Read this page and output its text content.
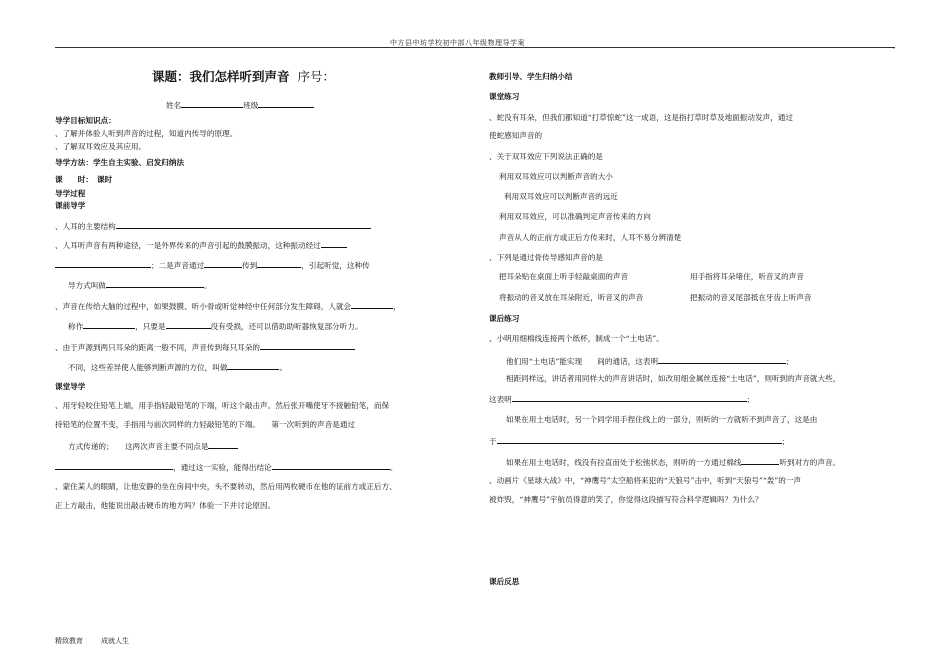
中方县中坊学校初中部八年级物理导学案
.
课题：我们怎样听到声音 序号：
姓名	班级
导学目标知识点：
、了解并体验人听到声音的过程，知道内传导的原理。
、了解双耳效应及其应用。
导学方法：学生自主实验、启发归纳法
课　　时： 课时
导学过程
课前导学
、人耳的主要结构
、人耳听声音有两种途径，一是外界传来的声音引起的鼓膜振动，这种振动经过
；二是声音通过	传到	，引起听觉，这种传
导方式叫做	。
、声音在传给大脑的过程中，如果鼓膜、听小骨或听觉神经中任何部分发生障碍，人就会	，
称作	，只要是	没有受损，还可以借助助听器恢复部分听力。
、由于声源到两只耳朵的距离一般不同，声音传到每只耳朵的
不同，这些差异使人能够判断声源的方位，叫做	。
课堂导学
、用牙轻咬住铅笔上端，用手指轻敲铅笔的下端，听这个敲击声。然后张开嘴使牙不接触铅笔，而保
持铅笔的位置不变，手指用与前次同样的力轻敲铅笔的下端。　　第一次听到的声音是通过
方式传递的；　　这两次声音主要不同点是
，通过这一实验，能得出结论	。
、蒙住某人的眼睛，让他安静的坐在房间中央，头不要转动，然后用两枚硬币在他的证前方或正后方、
正上方敲击，他能说出敲击硬币的地方吗？体验一下并讨论原因。
教师引导、学生归纳小结
课堂练习
、蛇没有耳朵，但我们都知道“打草惊蛇”这一成语，这是指打草时草及地面振动发声，通过
使蛇感知声音的
、关于双耳效应下列说法正确的是
利用双耳效应可以判断声音的大小
利用双耳效应可以判断声音的远近
利用双耳效应，可以准确判定声音传来的方向
声音从人的正前方或正后方传来时，人耳不易分辨清楚
、下列是通过骨传导感知声音的是
把耳朵贴在桌面上听手轻敲桌面的声音	用手指将耳朵堵住，听音叉的声音
将振动的音叉放在耳朵附近，听音叉的声音	把振动的音叉尾部抵在牙齿上听声音
课后练习
、小明用细棉线连接两个纸杯，制成一个“土电话”。
他们用“土电话”能实现　　间的通话，这表明	；
相距同样远，讲话者用同样大的声音讲话时，如改用细金属丝连接“土电话”，则听到的声音就大些，
这表明	；
如果在用土电话时，另一个同学用手捏住线上的一部分，则听的一方就听不到声音了，这是由
于	；
如果在用土电话时，线没有拉直而处于松弛状态，则听的一方通过棉线	听到对方的声音。
、动画片《星球大战》中，“神鹰号”太空船将来犯的“天狼号”击中，听到“天狼号”“轰”的一声
被炸毁，“神鹰号”宇航员得意的笑了，你觉得这段描写符合科学逻辑吗？为什么？
课后反思
精致教育	成就人生
